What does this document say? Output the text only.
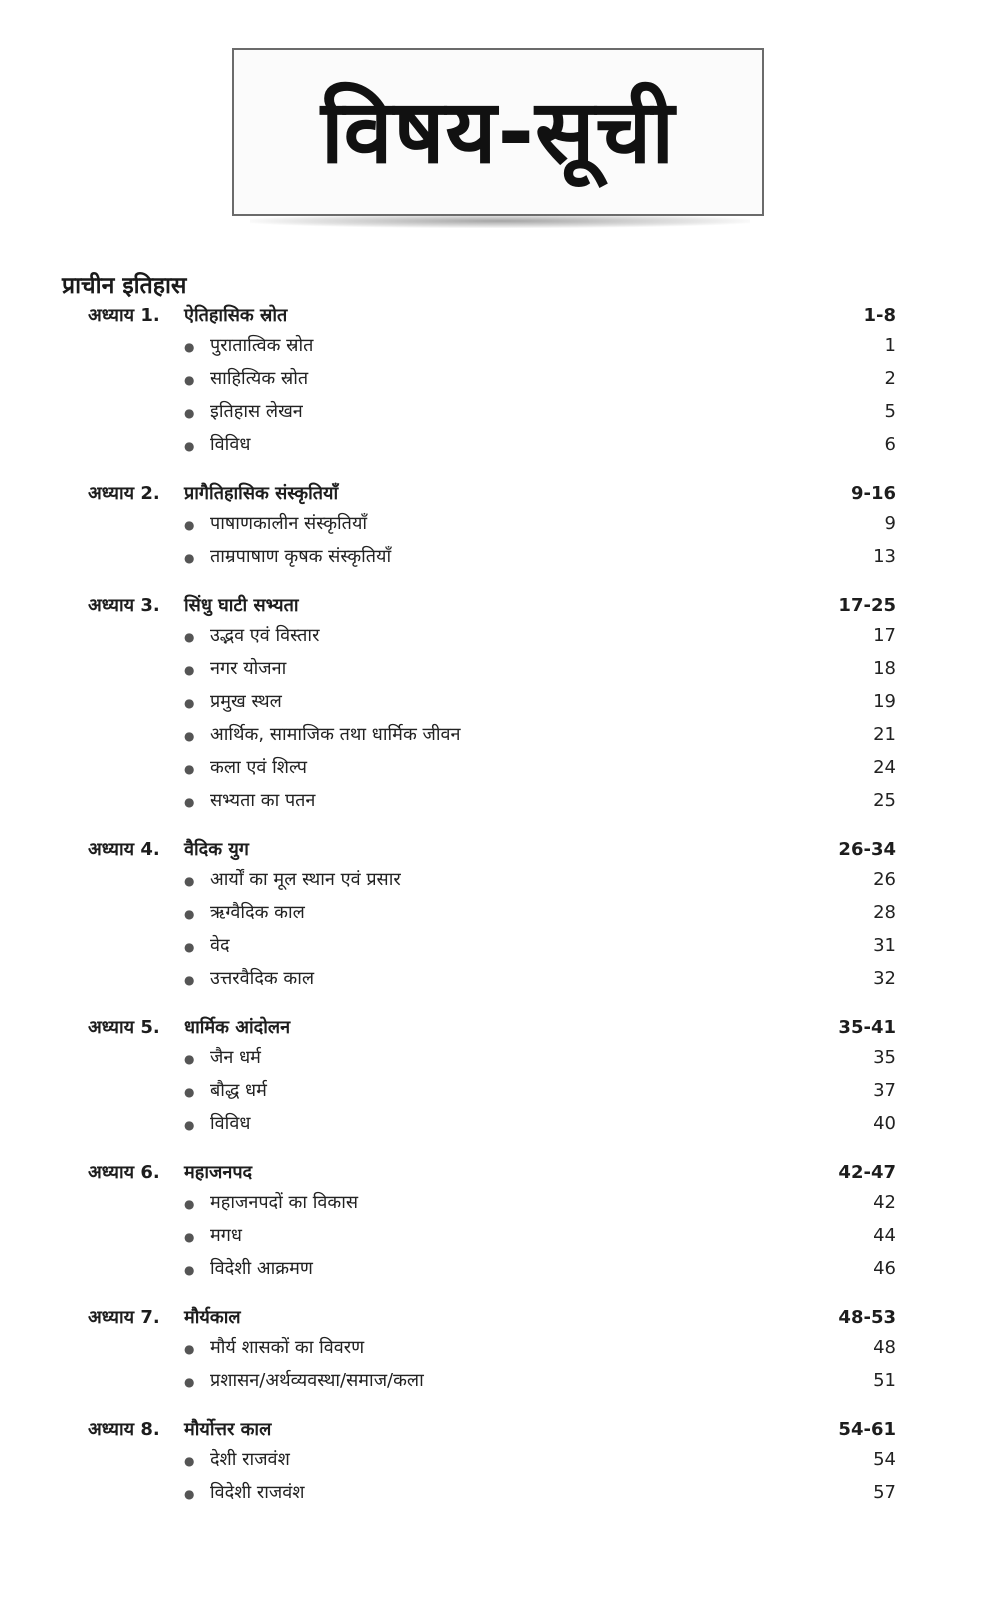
विषय-सूची
प्राचीन इतिहास
अध्याय 1.	ऐतिहासिक स्रोत	1-8
● पुरातात्विक स्रोत	1
● साहित्यिक स्रोत	2
● इतिहास लेखन	5
● विविध	6
अध्याय 2.	प्रागैतिहासिक संस्कृतियाँ	9-16
● पाषाणकालीन संस्कृतियाँ	9
● ताम्रपाषाण कृषक संस्कृतियाँ	13
अध्याय 3.	सिंधु घाटी सभ्यता	17-25
● उद्भव एवं विस्तार	17
● नगर योजना	18
● प्रमुख स्थल	19
● आर्थिक, सामाजिक तथा धार्मिक जीवन	21
● कला एवं शिल्प	24
● सभ्यता का पतन	25
अध्याय 4.	वैदिक युग	26-34
● आर्यों का मूल स्थान एवं प्रसार	26
● ऋग्वैदिक काल	28
● वेद	31
● उत्तरवैदिक काल	32
अध्याय 5.	धार्मिक आंदोलन	35-41
● जैन धर्म	35
● बौद्ध धर्म	37
● विविध	40
अध्याय 6.	महाजनपद	42-47
● महाजनपदों का विकास	42
● मगध	44
● विदेशी आक्रमण	46
अध्याय 7.	मौर्यकाल	48-53
● मौर्य शासकों का विवरण	48
● प्रशासन/अर्थव्यवस्था/समाज/कला	51
अध्याय 8.	मौर्योत्तर काल	54-61
● देशी राजवंश	54
● विदेशी राजवंश	57
